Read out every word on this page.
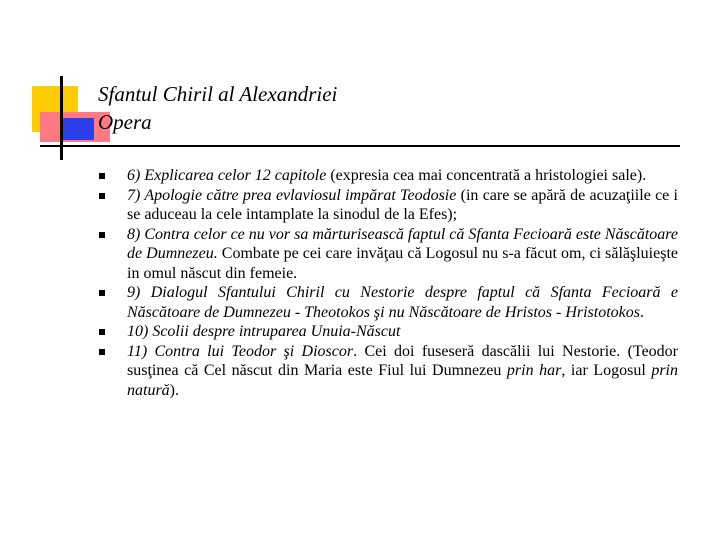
Sfantul Chiril al Alexandriei
Opera
6) Explicarea celor 12 capitole (expresia cea mai concentrată a hristologiei sale).
7) Apologie către prea evlaviosul impărat Teodosie (in care se apără de acuzaţiile ce i se aduceau la cele intamplate la sinodul de la Efes);
8) Contra celor ce nu vor sa mărturisească faptul că Sfanta Fecioară este Născătoare de Dumnezeu. Combate pe cei care invăţau că Logosul nu s-a făcut om, ci sălăşluieşte in omul născut din femeie.
9) Dialogul Sfantului Chiril cu Nestorie despre faptul că Sfanta Fecioară e Născătoare de Dumnezeu - Theotokos şi nu Născătoare de Hristos - Hristotokos.
10) Scolii despre intruparea Unuia-Născut
11) Contra lui Teodor şi Dioscor. Cei doi fuseseră dascălii lui Nestorie. (Teodor susţinea că Cel născut din Maria este Fiul lui Dumnezeu prin har, iar Logosul prin natură).
